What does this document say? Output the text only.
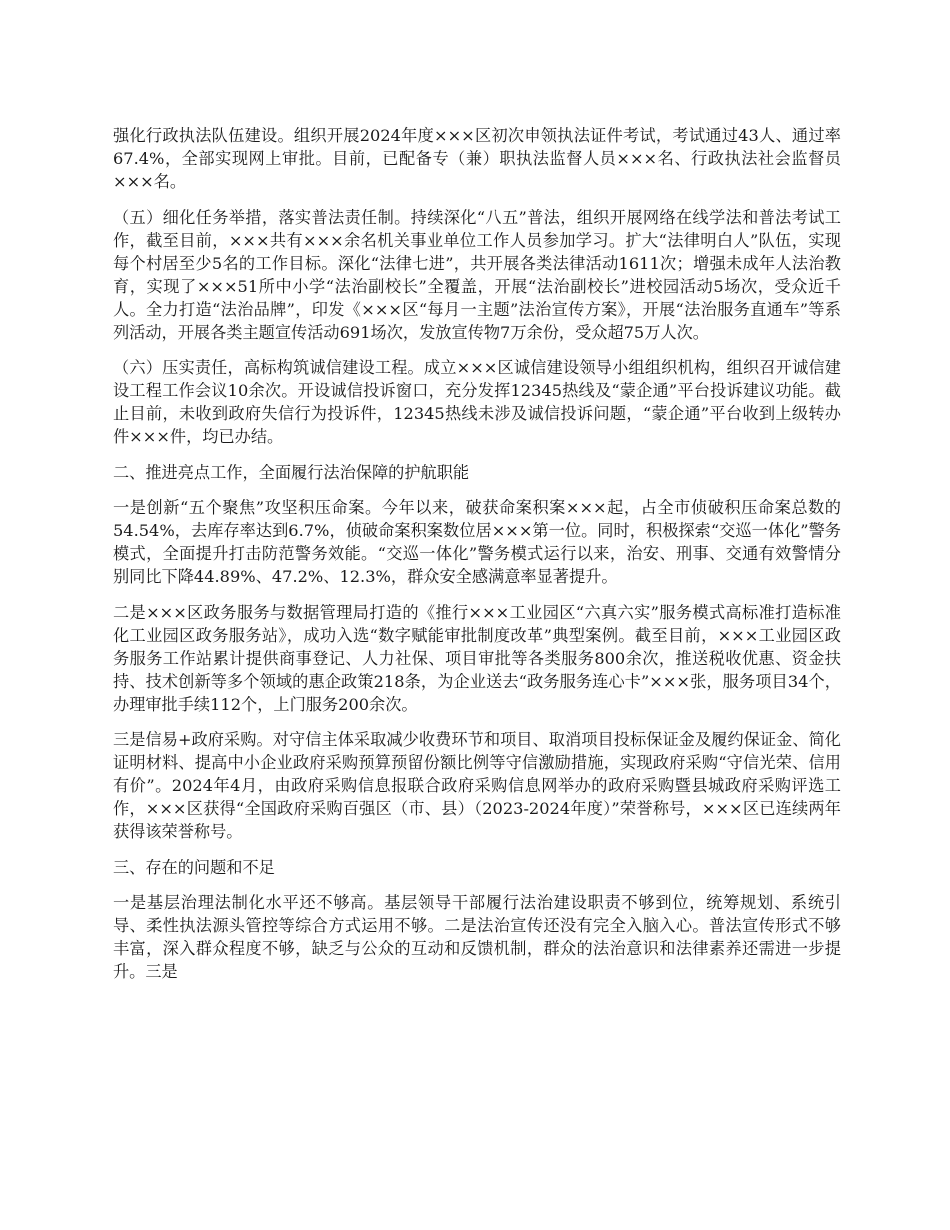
强化行政执法队伍建设。组织开展2024年度×××区初次申领执法证件考试，考试通过43人、通过率67.4%，全部实现网上审批。目前，已配备专（兼）职执法监督人员×××名、行政执法社会监督员×××名。

（五）细化任务举措，落实普法责任制。持续深化“八五”普法，组织开展网络在线学法和普法考试工作，截至目前，×××共有×××余名机关事业单位工作人员参加学习。扩大“法律明白人”队伍，实现每个村居至少5名的工作目标。深化“法律七进”，共开展各类法律活动1611次；增强未成年人法治教育，实现了×××51所中小学“法治副校长”全覆盖，开展“法治副校长”进校园活动5场次，受众近千人。全力打造“法治品牌”，印发《×××区“每月一主题”法治宣传方案》，开展“法治服务直通车”等系列活动，开展各类主题宣传活动691场次，发放宣传物7万余份，受众超75万人次。

（六）压实责任，高标构筑诚信建设工程。成立×××区诚信建设领导小组组织机构，组织召开诚信建设工程工作会议10余次。开设诚信投诉窗口，充分发挥12345热线及“蒙企通”平台投诉建议功能。截止目前，未收到政府失信行为投诉件，12345热线未涉及诚信投诉问题，“蒙企通”平台收到上级转办件×××件，均已办结。

二、推进亮点工作，全面履行法治保障的护航职能

一是创新“五个聚焦”攻坚积压命案。今年以来，破获命案积案×××起，占全市侦破积压命案总数的54.54%，去库存率达到6.7%，侦破命案积案数位居×××第一位。同时，积极探索“交巡一体化”警务模式，全面提升打击防范警务效能。“交巡一体化”警务模式运行以来，治安、刑事、交通有效警情分别同比下降44.89%、47.2%、12.3%，群众安全感满意率显著提升。

二是×××区政务服务与数据管理局打造的《推行×××工业园区“六真六实”服务模式高标准打造标准化工业园区政务服务站》，成功入选“数字赋能审批制度改革”典型案例。截至目前，×××工业园区政务服务工作站累计提供商事登记、人力社保、项目审批等各类服务800余次，推送税收优惠、资金扶持、技术创新等多个领域的惠企政策218条，为企业送去“政务服务连心卡”×××张，服务项目34个，办理审批手续112个，上门服务200余次。

三是信易+政府采购。对守信主体采取减少收费环节和项目、取消项目投标保证金及履约保证金、简化证明材料、提高中小企业政府采购预算预留份额比例等守信激励措施，实现政府采购“守信光荣、信用有价”。2024年4月，由政府采购信息报联合政府采购信息网举办的政府采购暨县城政府采购评选工作，×××区获得“全国政府采购百强区（市、县）（2023-2024年度）”荣誉称号，×××区已连续两年获得该荣誉称号。

三、存在的问题和不足

一是基层治理法制化水平还不够高。基层领导干部履行法治建设职责不够到位，统筹规划、系统引导、柔性执法源头管控等综合方式运用不够。二是法治宣传还没有完全入脑入心。普法宣传形式不够丰富，深入群众程度不够，缺乏与公众的互动和反馈机制，群众的法治意识和法律素养还需进一步提升。三是
